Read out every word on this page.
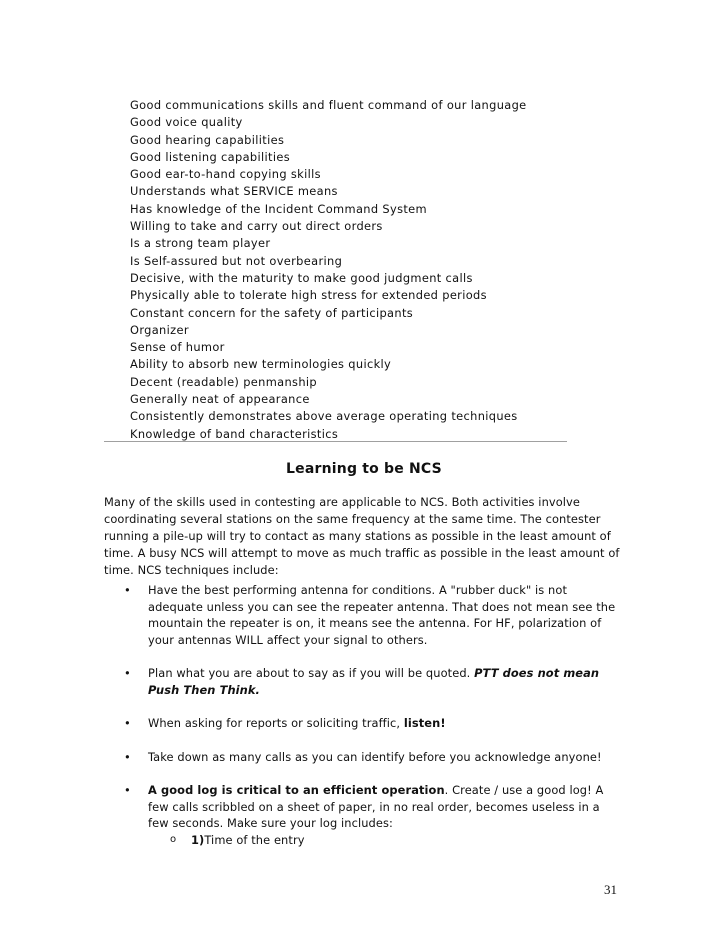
Good communications skills and fluent command of our language
Good voice quality
Good hearing capabilities
Good listening capabilities
Good ear-to-hand copying skills
Understands what SERVICE means
Has knowledge of the Incident Command System
Willing to take and carry out direct orders
Is a strong team player
Is Self-assured but not overbearing
Decisive, with the maturity to make good judgment calls
Physically able to tolerate high stress for extended periods
Constant concern for the safety of participants
Organizer
Sense of humor
Ability to absorb new terminologies quickly
Decent (readable) penmanship
Generally neat of appearance
Consistently demonstrates above average operating techniques
Knowledge of band characteristics
Learning to be NCS

Many of the skills used in contesting are applicable to NCS. Both activities involve coordinating several stations on the same frequency at the same time. The contester running a pile-up will try to contact as many stations as possible in the least amount of time. A busy NCS will attempt to move as much traffic as possible in the least amount of time. NCS techniques include:

• Have the best performing antenna for conditions. A "rubber duck" is not adequate unless you can see the repeater antenna. That does not mean see the mountain the repeater is on, it means see the antenna. For HF, polarization of your antennas WILL affect your signal to others.
• Plan what you are about to say as if you will be quoted. PTT does not mean Push Then Think.
• When asking for reports or soliciting traffic, listen!
• Take down as many calls as you can identify before you acknowledge anyone!
• A good log is critical to an efficient operation. Create / use a good log! A few calls scribbled on a sheet of paper, in no real order, becomes useless in a few seconds. Make sure your log includes:
o 1)Time of the entry
31
